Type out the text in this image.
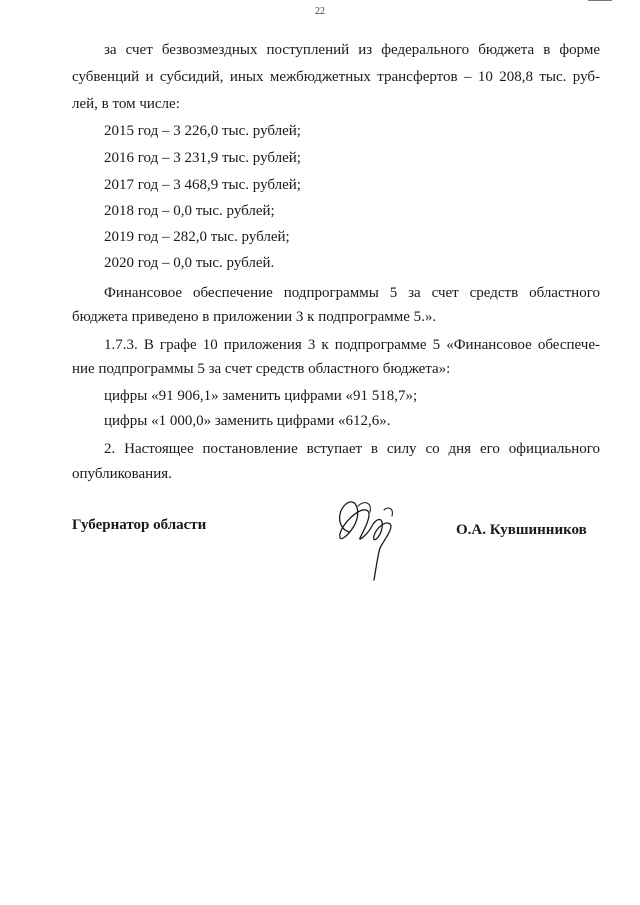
22
за счет безвозмездных поступлений из федерального бюджета в форме
субвенций и субсидий, иных межбюджетных трансфертов – 10 208,8 тыс. руб-
лей, в том числе:
2015 год – 3 226,0 тыс. рублей;
2016 год – 3 231,9 тыс. рублей;
2017 год – 3 468,9 тыс. рублей;
2018 год – 0,0 тыс. рублей;
2019 год – 282,0 тыс. рублей;
2020 год – 0,0 тыс. рублей.
Финансовое обеспечение подпрограммы 5 за счет средств областного
бюджета приведено в приложении 3 к подпрограмме 5.».
1.7.3. В графе 10 приложения 3 к подпрограмме 5 «Финансовое обеспече-
ние подпрограммы 5 за счет средств областного бюджета»:
цифры «91 906,1» заменить цифрами «91 518,7»;
цифры «1 000,0» заменить цифрами «612,6».
2. Настоящее постановление вступает в силу со дня его официального
опубликования.
Губернатор области	О.А. Кувшинников
